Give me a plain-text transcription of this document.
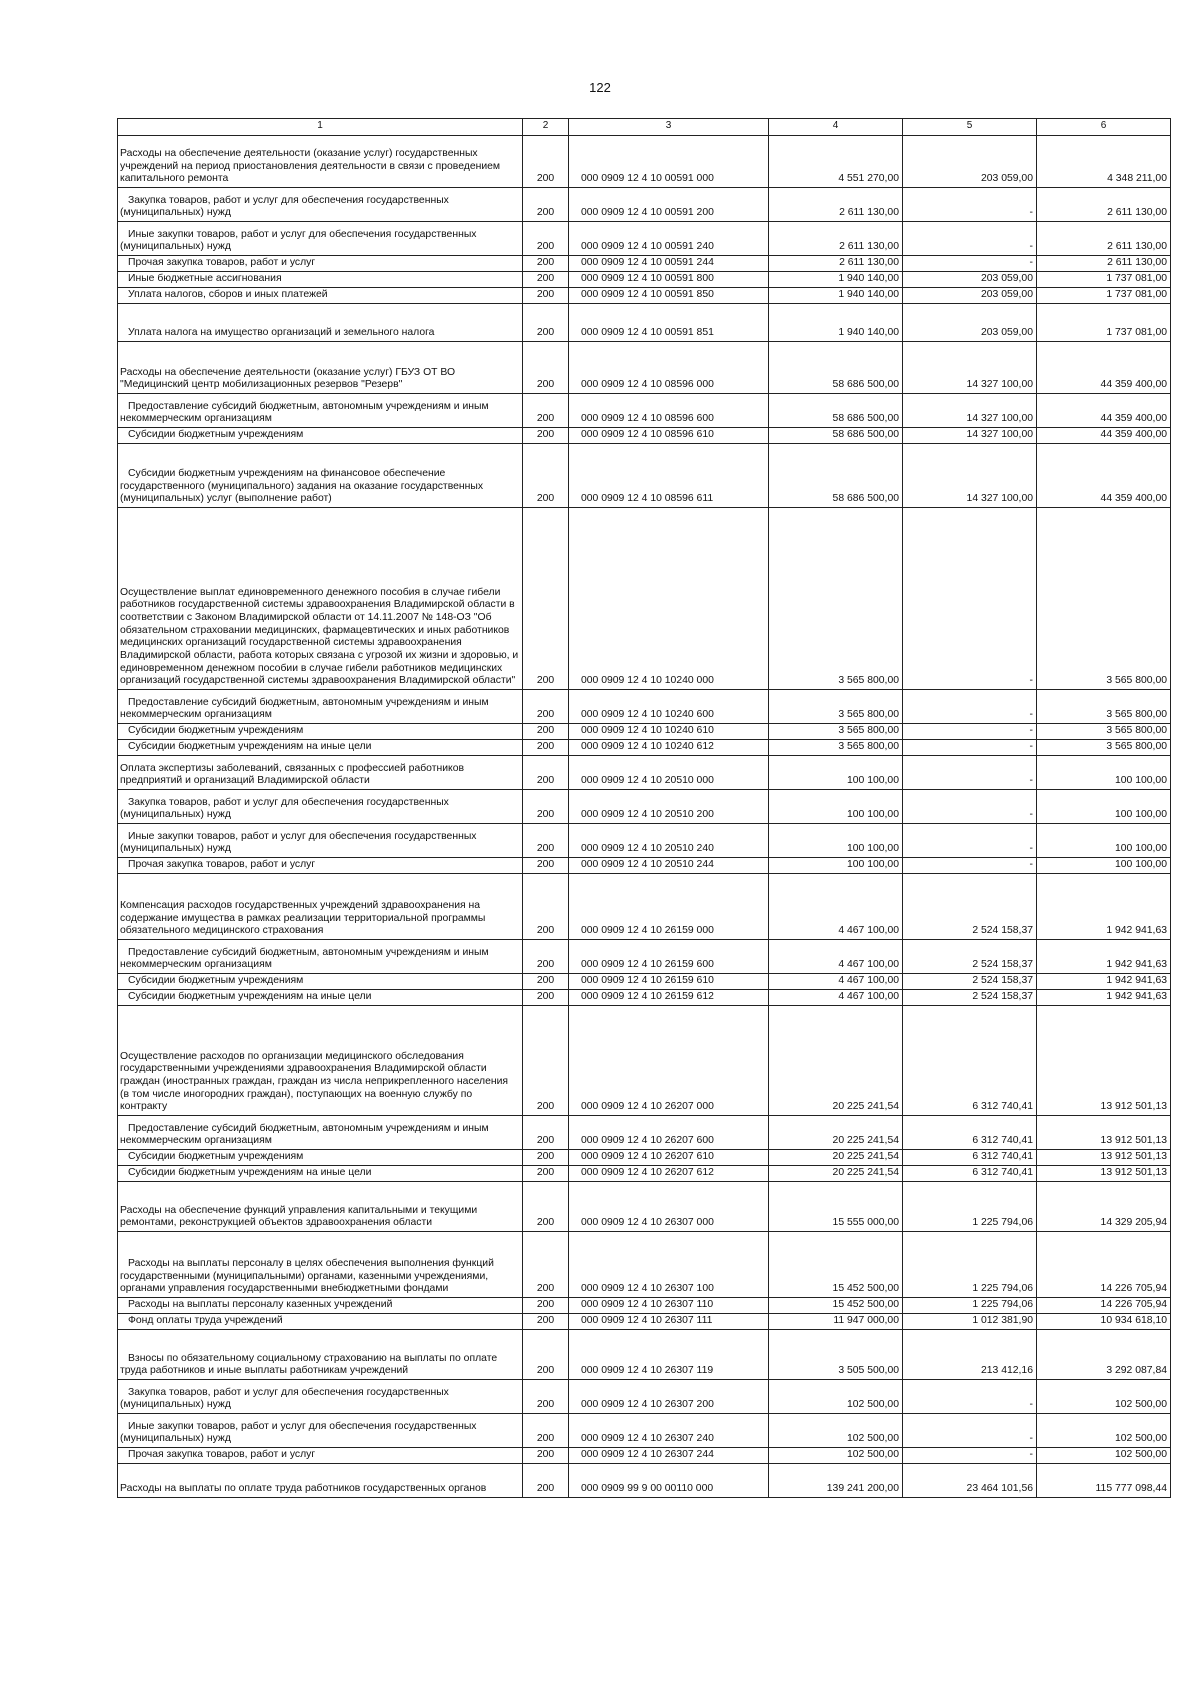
122
1	2	3	4	5	6
Расходы на обеспечение деятельности (оказание услуг) государственных учреждений на период приостановления деятельности в связи с проведением капитального ремонта	200	000 0909 12 4 10 00591 000	4 551 270,00	203 059,00	4 348 211,00
Закупка товаров, работ и услуг для обеспечения государственных (муниципальных) нужд	200	000 0909 12 4 10 00591 200	2 611 130,00	-	2 611 130,00
Иные закупки товаров, работ и услуг для обеспечения государственных (муниципальных) нужд	200	000 0909 12 4 10 00591 240	2 611 130,00	-	2 611 130,00
Прочая закупка товаров, работ и услуг	200	000 0909 12 4 10 00591 244	2 611 130,00	-	2 611 130,00
Иные бюджетные ассигнования	200	000 0909 12 4 10 00591 800	1 940 140,00	203 059,00	1 737 081,00
Уплата налогов, сборов и иных платежей	200	000 0909 12 4 10 00591 850	1 940 140,00	203 059,00	1 737 081,00
Уплата налога на имущество организаций и земельного налога	200	000 0909 12 4 10 00591 851	1 940 140,00	203 059,00	1 737 081,00
Расходы на обеспечение деятельности (оказание услуг) ГБУЗ ОТ ВО "Медицинский центр мобилизационных резервов "Резерв"	200	000 0909 12 4 10 08596 000	58 686 500,00	14 327 100,00	44 359 400,00
Предоставление субсидий бюджетным, автономным учреждениям и иным некоммерческим организациям	200	000 0909 12 4 10 08596 600	58 686 500,00	14 327 100,00	44 359 400,00
Субсидии бюджетным учреждениям	200	000 0909 12 4 10 08596 610	58 686 500,00	14 327 100,00	44 359 400,00
Субсидии бюджетным учреждениям на финансовое обеспечение государственного (муниципального) задания на оказание государственных (муниципальных) услуг (выполнение работ)	200	000 0909 12 4 10 08596 611	58 686 500,00	14 327 100,00	44 359 400,00
Осуществление выплат единовременного денежного пособия в случае гибели работников государственной системы здравоохранения Владимирской области в соответствии с Законом Владимирской области от 14.11.2007 № 148-ОЗ "Об обязательном страховании медицинских, фармацевтических и иных работников медицинских организаций государственной системы здравоохранения Владимирской области, работа которых связана с угрозой их жизни и здоровью, и единовременном денежном пособии в случае гибели работников медицинских организаций государственной системы здравоохранения Владимирской области"	200	000 0909 12 4 10 10240 000	3 565 800,00	-	3 565 800,00
Предоставление субсидий бюджетным, автономным учреждениям и иным некоммерческим организациям	200	000 0909 12 4 10 10240 600	3 565 800,00	-	3 565 800,00
Субсидии бюджетным учреждениям	200	000 0909 12 4 10 10240 610	3 565 800,00	-	3 565 800,00
Субсидии бюджетным учреждениям на иные цели	200	000 0909 12 4 10 10240 612	3 565 800,00	-	3 565 800,00
Оплата экспертизы заболеваний, связанных с профессией работников предприятий и организаций Владимирской области	200	000 0909 12 4 10 20510 000	100 100,00	-	100 100,00
Закупка товаров, работ и услуг для обеспечения государственных (муниципальных) нужд	200	000 0909 12 4 10 20510 200	100 100,00	-	100 100,00
Иные закупки товаров, работ и услуг для обеспечения государственных (муниципальных) нужд	200	000 0909 12 4 10 20510 240	100 100,00	-	100 100,00
Прочая закупка товаров, работ и услуг	200	000 0909 12 4 10 20510 244	100 100,00	-	100 100,00
Компенсация расходов государственных учреждений здравоохранения на содержание имущества в рамках реализации территориальной программы обязательного медицинского страхования	200	000 0909 12 4 10 26159 000	4 467 100,00	2 524 158,37	1 942 941,63
Предоставление субсидий бюджетным, автономным учреждениям и иным некоммерческим организациям	200	000 0909 12 4 10 26159 600	4 467 100,00	2 524 158,37	1 942 941,63
Субсидии бюджетным учреждениям	200	000 0909 12 4 10 26159 610	4 467 100,00	2 524 158,37	1 942 941,63
Субсидии бюджетным учреждениям на иные цели	200	000 0909 12 4 10 26159 612	4 467 100,00	2 524 158,37	1 942 941,63
Осуществление расходов по организации медицинского обследования государственными учреждениями здравоохранения Владимирской области граждан (иностранных граждан, граждан из числа неприкрепленного населения (в том числе иногородних граждан), поступающих на военную службу по контракту	200	000 0909 12 4 10 26207 000	20 225 241,54	6 312 740,41	13 912 501,13
Предоставление субсидий бюджетным, автономным учреждениям и иным некоммерческим организациям	200	000 0909 12 4 10 26207 600	20 225 241,54	6 312 740,41	13 912 501,13
Субсидии бюджетным учреждениям	200	000 0909 12 4 10 26207 610	20 225 241,54	6 312 740,41	13 912 501,13
Субсидии бюджетным учреждениям на иные цели	200	000 0909 12 4 10 26207 612	20 225 241,54	6 312 740,41	13 912 501,13
Расходы на обеспечение функций управления капитальными и текущими ремонтами, реконструкцией объектов здравоохранения области	200	000 0909 12 4 10 26307 000	15 555 000,00	1 225 794,06	14 329 205,94
Расходы на выплаты персоналу в целях обеспечения выполнения функций государственными (муниципальными) органами, казенными учреждениями, органами управления государственными внебюджетными фондами	200	000 0909 12 4 10 26307 100	15 452 500,00	1 225 794,06	14 226 705,94
Расходы на выплаты персоналу казенных учреждений	200	000 0909 12 4 10 26307 110	15 452 500,00	1 225 794,06	14 226 705,94
Фонд оплаты труда учреждений	200	000 0909 12 4 10 26307 111	11 947 000,00	1 012 381,90	10 934 618,10
Взносы по обязательному социальному страхованию на выплаты по оплате труда работников и иные выплаты работникам учреждений	200	000 0909 12 4 10 26307 119	3 505 500,00	213 412,16	3 292 087,84
Закупка товаров, работ и услуг для обеспечения государственных (муниципальных) нужд	200	000 0909 12 4 10 26307 200	102 500,00	-	102 500,00
Иные закупки товаров, работ и услуг для обеспечения государственных (муниципальных) нужд	200	000 0909 12 4 10 26307 240	102 500,00	-	102 500,00
Прочая закупка товаров, работ и услуг	200	000 0909 12 4 10 26307 244	102 500,00	-	102 500,00
Расходы на выплаты по оплате труда работников государственных органов	200	000 0909 99 9 00 00110 000	139 241 200,00	23 464 101,56	115 777 098,44
